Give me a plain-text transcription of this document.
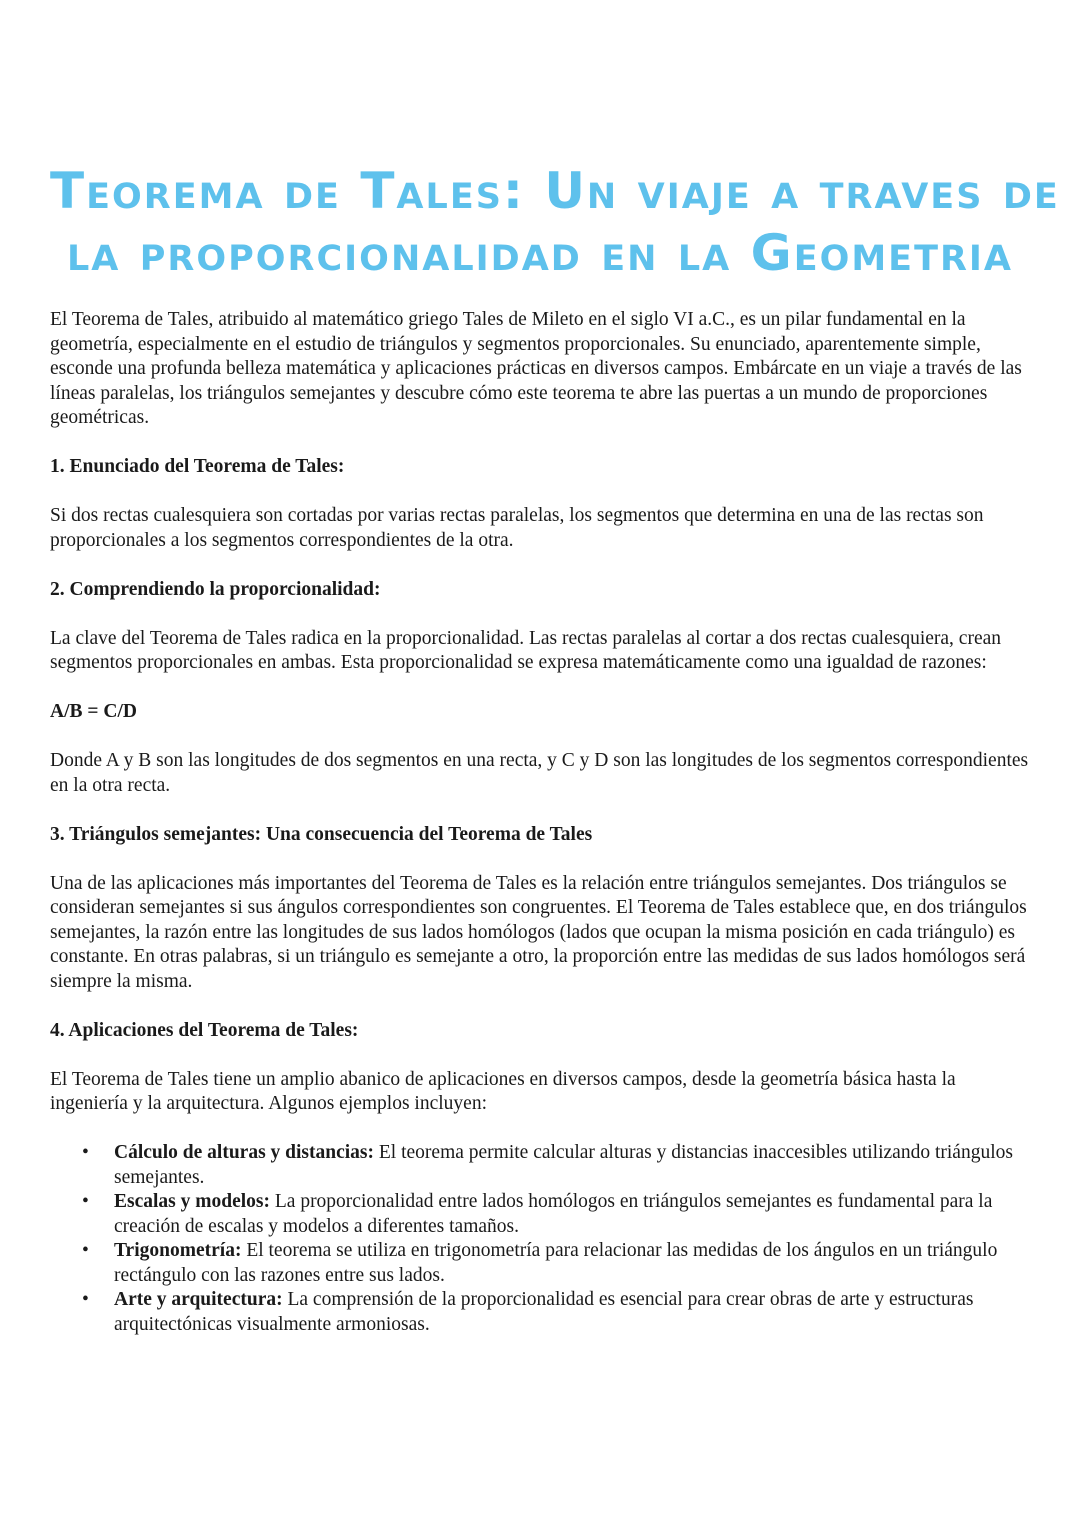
Teorema de Tales: Un viaje a traves de
la proporcionalidad en la Geometria

El Teorema de Tales, atribuido al matemático griego Tales de Mileto en el siglo VI a.C., es un pilar fundamental en la geometría, especialmente en el estudio de triángulos y segmentos proporcionales. Su enunciado, aparentemente simple, esconde una profunda belleza matemática y aplicaciones prácticas en diversos campos. Embárcate en un viaje a través de las líneas paralelas, los triángulos semejantes y descubre cómo este teorema te abre las puertas a un mundo de proporciones geométricas.

1. Enunciado del Teorema de Tales:

Si dos rectas cualesquiera son cortadas por varias rectas paralelas, los segmentos que determina en una de las rectas son proporcionales a los segmentos correspondientes de la otra.

2. Comprendiendo la proporcionalidad:

La clave del Teorema de Tales radica en la proporcionalidad. Las rectas paralelas al cortar a dos rectas cualesquiera, crean segmentos proporcionales en ambas. Esta proporcionalidad se expresa matemáticamente como una igualdad de razones:

A/B = C/D

Donde A y B son las longitudes de dos segmentos en una recta, y C y D son las longitudes de los segmentos correspondientes en la otra recta.

3. Triángulos semejantes: Una consecuencia del Teorema de Tales

Una de las aplicaciones más importantes del Teorema de Tales es la relación entre triángulos semejantes. Dos triángulos se consideran semejantes si sus ángulos correspondientes son congruentes. El Teorema de Tales establece que, en dos triángulos semejantes, la razón entre las longitudes de sus lados homólogos (lados que ocupan la misma posición en cada triángulo) es constante. En otras palabras, si un triángulo es semejante a otro, la proporción entre las medidas de sus lados homólogos será siempre la misma.

4. Aplicaciones del Teorema de Tales:

El Teorema de Tales tiene un amplio abanico de aplicaciones en diversos campos, desde la geometría básica hasta la ingeniería y la arquitectura. Algunos ejemplos incluyen:

• Cálculo de alturas y distancias: El teorema permite calcular alturas y distancias inaccesibles utilizando triángulos semejantes.
• Escalas y modelos: La proporcionalidad entre lados homólogos en triángulos semejantes es fundamental para la creación de escalas y modelos a diferentes tamaños.
• Trigonometría: El teorema se utiliza en trigonometría para relacionar las medidas de los ángulos en un triángulo rectángulo con las razones entre sus lados.
• Arte y arquitectura: La comprensión de la proporcionalidad es esencial para crear obras de arte y estructuras arquitectónicas visualmente armoniosas.
